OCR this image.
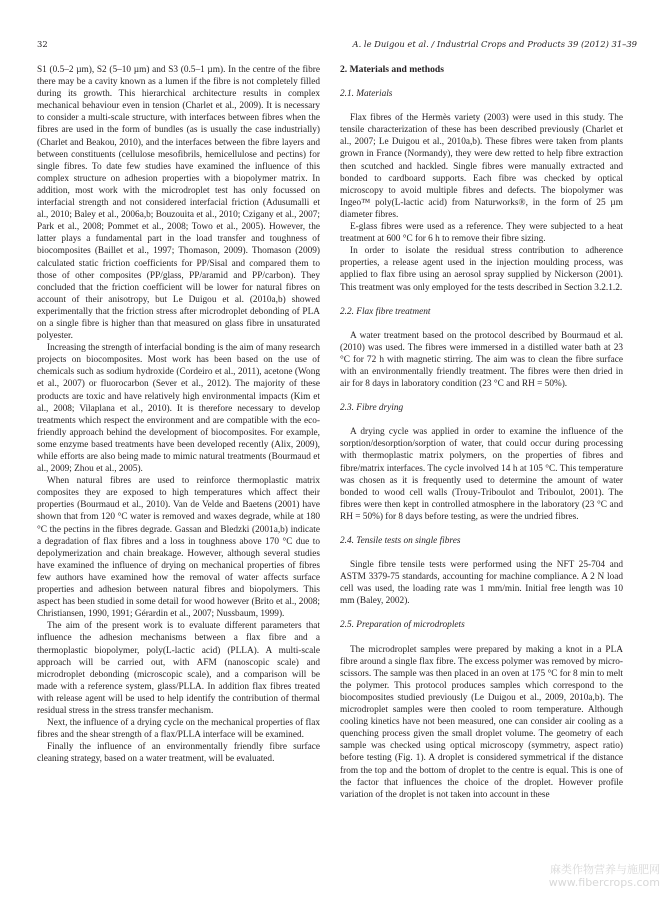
32	A. le Duigou et al. / Industrial Crops and Products 39 (2012) 31–39

S1 (0.5–2 µm), S2 (5–10 µm) and S3 (0.5–1 µm). In the centre of the fibre there may be a cavity known as a lumen if the fibre is not completely filled during its growth. This hierarchical architecture results in complex mechanical behaviour even in tension (Charlet et al., 2009). It is necessary to consider a multi-scale structure, with interfaces between fibres when the fibres are used in the form of bundles (as is usually the case industrially) (Charlet and Beakou, 2010), and the interfaces between the fibre layers and between constituents (cellulose mesofibrils, hemicellulose and pectins) for single fibres. To date few studies have examined the influence of this complex structure on adhesion properties with a biopolymer matrix. In addition, most work with the microdroplet test has only focussed on interfacial strength and not considered interfacial friction (Adusumalli et al., 2010; Baley et al., 2006a,b; Bouzouita et al., 2010; Czigany et al., 2007; Park et al., 2008; Pommet et al., 2008; Towo et al., 2005). However, the latter plays a fundamental part in the load transfer and toughness of biocomposites (Baillet et al., 1997; Thomason, 2009). Thomason (2009) calculated static friction coefficients for PP/Sisal and compared them to those of other composites (PP/glass, PP/aramid and PP/carbon). They concluded that the friction coefficient will be lower for natural fibres on account of their anisotropy, but Le Duigou et al. (2010a,b) showed experimentally that the friction stress after microdroplet debonding of PLA on a single fibre is higher than that measured on glass fibre in unsaturated polyester.

Increasing the strength of interfacial bonding is the aim of many research projects on biocomposites. Most work has been based on the use of chemicals such as sodium hydroxide (Cordeiro et al., 2011), acetone (Wong et al., 2007) or fluorocarbon (Sever et al., 2012). The majority of these products are toxic and have relatively high environmental impacts (Kim et al., 2008; Vilaplana et al., 2010). It is therefore necessary to develop treatments which respect the environment and are compatible with the eco-friendly approach behind the development of biocomposites. For example, some enzyme based treatments have been developed recently (Alix, 2009), while efforts are also being made to mimic natural treatments (Bourmaud et al., 2009; Zhou et al., 2005).

When natural fibres are used to reinforce thermoplastic matrix composites they are exposed to high temperatures which affect their properties (Bourmaud et al., 2010). Van de Velde and Baetens (2001) have shown that from 120 °C water is removed and waxes degrade, while at 180 °C the pectins in the fibres degrade. Gassan and Bledzki (2001a,b) indicate a degradation of flax fibres and a loss in toughness above 170 °C due to depolymerization and chain breakage. However, although several studies have examined the influence of drying on mechanical properties of fibres few authors have examined how the removal of water affects surface properties and adhesion between natural fibres and biopolymers. This aspect has been studied in some detail for wood however (Brito et al., 2008; Christiansen, 1990, 1991; Gérardin et al., 2007; Nussbaum, 1999).

The aim of the present work is to evaluate different parameters that influence the adhesion mechanisms between a flax fibre and a thermoplastic biopolymer, poly(L-lactic acid) (PLLA). A multi-scale approach will be carried out, with AFM (nanoscopic scale) and microdroplet debonding (microscopic scale), and a comparison will be made with a reference system, glass/PLLA. In addition flax fibres treated with release agent will be used to help identify the contribution of thermal residual stress in the stress transfer mechanism.

Next, the influence of a drying cycle on the mechanical properties of flax fibres and the shear strength of a flax/PLLA interface will be examined.

Finally the influence of an environmentally friendly fibre surface cleaning strategy, based on a water treatment, will be evaluated.

2. Materials and methods
2.1. Materials

Flax fibres of the Hermès variety (2003) were used in this study. The tensile characterization of these has been described previously (Charlet et al., 2007; Le Duigou et al., 2010a,b). These fibres were taken from plants grown in France (Normandy), they were dew retted to help fibre extraction then scutched and hackled. Single fibres were manually extracted and bonded to cardboard supports. Each fibre was checked by optical microscopy to avoid multiple fibres and defects. The biopolymer was Ingeo™ poly(L-lactic acid) from Naturworks®, in the form of 25 µm diameter fibres.

E-glass fibres were used as a reference. They were subjected to a heat treatment at 600 °C for 6 h to remove their fibre sizing.

In order to isolate the residual stress contribution to adherence properties, a release agent used in the injection moulding process, was applied to flax fibre using an aerosol spray supplied by Nickerson (2001). This treatment was only employed for the tests described in Section 3.2.1.2.

2.2. Flax fibre treatment

A water treatment based on the protocol described by Bourmaud et al. (2010) was used. The fibres were immersed in a distilled water bath at 23 °C for 72 h with magnetic stirring. The aim was to clean the fibre surface with an environmentally friendly treatment. The fibres were then dried in air for 8 days in laboratory condition (23 °C and RH = 50%).

2.3. Fibre drying

A drying cycle was applied in order to examine the influence of the sorption/desorption/sorption of water, that could occur during processing with thermoplastic matrix polymers, on the properties of fibres and fibre/matrix interfaces. The cycle involved 14 h at 105 °C. This temperature was chosen as it is frequently used to determine the amount of water bonded to wood cell walls (Trouy-Triboulot and Triboulot, 2001). The fibres were then kept in controlled atmosphere in the laboratory (23 °C and RH = 50%) for 8 days before testing, as were the undried fibres.

2.4. Tensile tests on single fibres

Single fibre tensile tests were performed using the NFT 25-704 and ASTM 3379-75 standards, accounting for machine compliance. A 2 N load cell was used, the loading rate was 1 mm/min. Initial free length was 10 mm (Baley, 2002).

2.5. Preparation of microdroplets

The microdroplet samples were prepared by making a knot in a PLA fibre around a single flax fibre. The excess polymer was removed by micro-scissors. The sample was then placed in an oven at 175 °C for 8 min to melt the polymer. This protocol produces samples which correspond to the biocomposites studied previously (Le Duigou et al., 2009, 2010a,b). The microdroplet samples were then cooled to room temperature. Although cooling kinetics have not been measured, one can consider air cooling as a quenching process given the small droplet volume. The geometry of each sample was checked using optical microscopy (symmetry, aspect ratio) before testing (Fig. 1). A droplet is considered symmetrical if the distance from the top and the bottom of droplet to the centre is equal. This is one of the factor that influences the choice of the droplet. However profile variation of the droplet is not taken into account in these

麻类作物营养与施肥网
www.fibercrops.com
